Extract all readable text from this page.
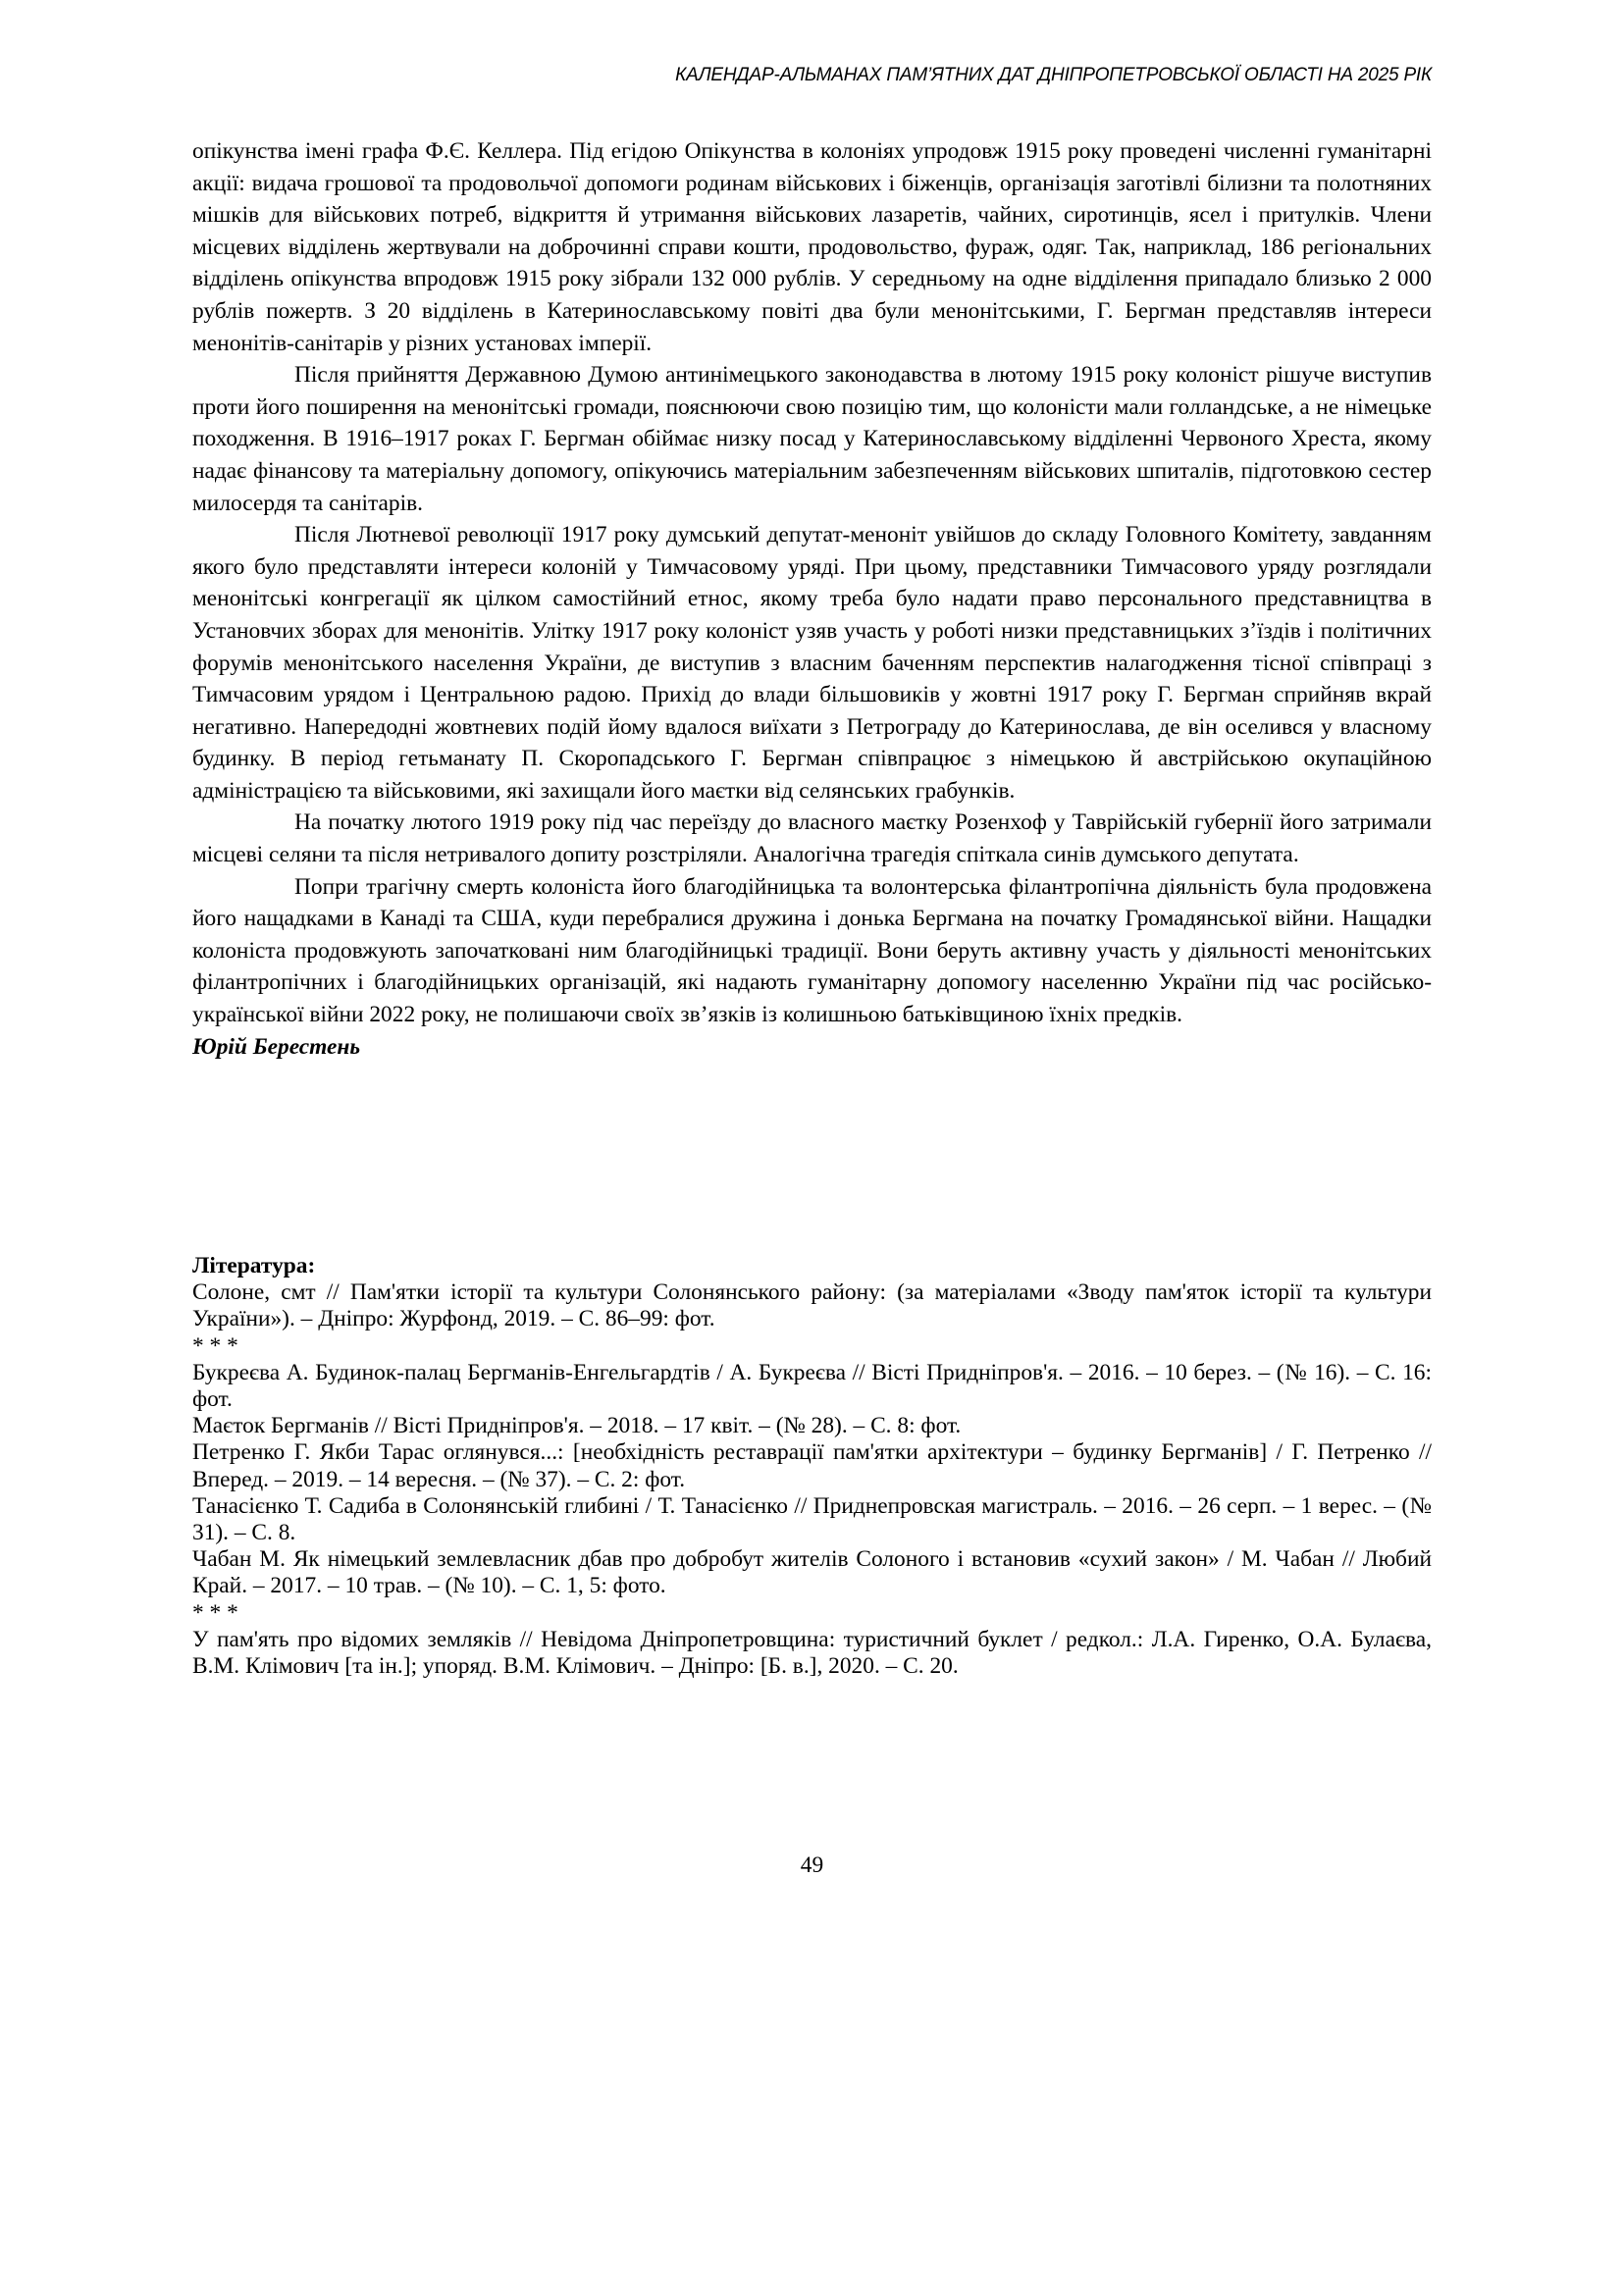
КАЛЕНДАР-АЛЬМАНАХ ПАМ’ЯТНИХ ДАТ ДНІПРОПЕТРОВСЬКОЇ ОБЛАСТІ НА 2025 РІК

опікунства імені графа Ф.Є. Келлера. Під егідою Опікунства в колоніях упродовж 1915 року проведені численні гуманітарні акції: видача грошової та продовольчої допомоги родинам військових і біженців, організація заготівлі білизни та полотняних мішків для військових потреб, відкриття й утримання військових лазаретів, чайних, сиротинців, ясел і притулків. Члени місцевих відділень жертвували на доброчинні справи кошти, продовольство, фураж, одяг. Так, наприклад, 186 регіональних відділень опікунства впродовж 1915 року зібрали 132 000 рублів. У середньому на одне відділення припадало близько 2 000 рублів пожертв. З 20 відділень в Катеринославському повіті два були менонітськими, Г. Бергман представляв інтереси менонітів-санітарів у різних установах імперії.

Після прийняття Державною Думою антинімецького законодавства в лютому 1915 року колоніст рішуче виступив проти його поширення на менонітські громади, пояснюючи свою позицію тим, що колоністи мали голландське, а не німецьке походження. В 1916–1917 роках Г. Бергман обіймає низку посад у Катеринославському відділенні Червоного Хреста, якому надає фінансову та матеріальну допомогу, опікуючись матеріальним забезпеченням військових шпиталів, підготовкою сестер милосердя та санітарів.

Після Лютневої революції 1917 року думський депутат-меноніт увійшов до складу Головного Комітету, завданням якого було представляти інтереси колоній у Тимчасовому уряді. При цьому, представники Тимчасового уряду розглядали менонітські конгрегації як цілком самостійний етнос, якому треба було надати право персонального представництва в Установчих зборах для менонітів. Улітку 1917 року колоніст узяв участь у роботі низки представницьких з’їздів і політичних форумів менонітського населення України, де виступив з власним баченням перспектив налагодження тісної співпраці з Тимчасовим урядом і Центральною радою. Прихід до влади більшовиків у жовтні 1917 року Г. Бергман сприйняв вкрай негативно. Напередодні жовтневих подій йому вдалося виїхати з Петрограду до Катеринослава, де він оселився у власному будинку. В період гетьманату П. Скоропадського Г. Бергман співпрацює з німецькою й австрійською окупаційною адміністрацією та військовими, які захищали його маєтки від селянських грабунків.

На початку лютого 1919 року під час переїзду до власного маєтку Розенхоф у Таврійській губернії його затримали місцеві селяни та після нетривалого допиту розстріляли. Аналогічна трагедія спіткала синів думського депутата.

Попри трагічну смерть колоніста його благодійницька та волонтерська філантропічна діяльність була продовжена його нащадками в Канаді та США, куди перебралися дружина і донька Бергмана на початку Громадянської війни. Нащадки колоніста продовжують започатковані ним благодійницькі традиції. Вони беруть активну участь у діяльності менонітських філантропічних і благодійницьких організацій, які надають гуманітарну допомогу населенню України під час російсько-української війни 2022 року, не полишаючи своїх зв’язків із колишньою батьківщиною їхніх предків.

Юрій Берестень

Література:

Солоне, смт // Пам'ятки історії та культури Солонянського району: (за матеріалами «Зводу пам'яток історії та культури України»). – Дніпро: Журфонд, 2019. – С. 86–99: фот.

* * *

Букреєва А. Будинок-палац Бергманів-Енгельгардтів / А. Букреєва // Вісті Придніпров'я. – 2016. – 10 берез. – (№ 16). – С. 16: фот.

Маєток Бергманів // Вісті Придніпров'я. – 2018. – 17 квіт. – (№ 28). – С. 8: фот.

Петренко Г. Якби Тарас оглянувся...: [необхідність реставрації пам'ятки архітектури – будинку Бергманів] / Г. Петренко // Вперед. – 2019. – 14 вересня. – (№ 37). – С. 2: фот.

Танасієнко Т. Садиба в Солонянській глибині / Т. Танасієнко // Приднепровская магистраль. – 2016. – 26 серп. – 1 верес. – (№ 31). – С. 8.

Чабан М. Як німецький землевласник дбав про добробут жителів Солоного і встановив «сухий закон» / М. Чабан // Любий Край. – 2017. – 10 трав. – (№ 10). – С. 1, 5: фото.

* * *

У пам'ять про відомих земляків // Невідома Дніпропетровщина: туристичний буклет / редкол.: Л.А. Гиренко, О.А. Булаєва, В.М. Клімович [та ін.]; упоряд. В.М. Клімович. – Дніпро: [Б. в.], 2020. – С. 20.

49
